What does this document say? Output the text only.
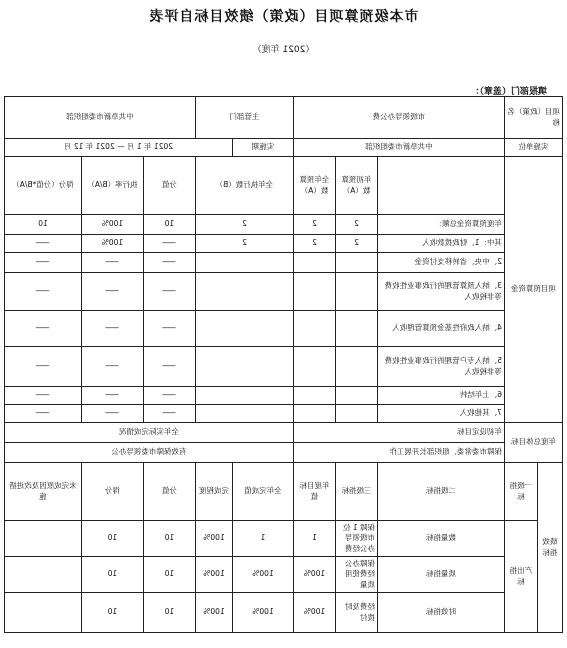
市本级预算项目（政策）绩效目标自评表
（2021 年度）
填报部门（盖章）：
项目（政策）名称		市级领导办公费			主管部门		中共阜新市委组织部		
实施单位		中共阜新市委组织部			实施期	2021 年 1 月 — 2021 年 12 月			
项目预算资金			年初预算数（A）	全年预算数（A）	全年执行数（B）		分值	执行率（B/A）	得分（分值*B/A）
		年度预算资金总额：	2	2	2		10	100%	10
		其中：1、财政拨款收入	2	2	2		——	100%	——
		2、中央、省转移支付资金					——	——	——
		3、纳入预算管理的行政事业性收费等非税收入					——	——	——
		4、纳入政府性基金预算管理收入					——	——	——
		5、纳入专户管理的行政事业性收费等非税收入					——	——	——
		6、上年结转					——	——	——
		7、其他收入					——	——	——
年度总体目标		年初设定目标			全年实际完成情况				
		保障市委常委、组织部长开展工作			有效保障市委领导办公				
绩效指标	一级指标	二级指标	三级指标	年度目标值	全年完成值	完成程度	分值	得分	未完成原因及改进措施
	产出指标	数量指标	保障 1 位市级领导办公经费	1	1	100%	10	10	
		质量指标	保障办公经费使用质量	100%	100%	100%	10	10	
		时效指标	经费及时拨付	100%	100%	100%	10	10	
